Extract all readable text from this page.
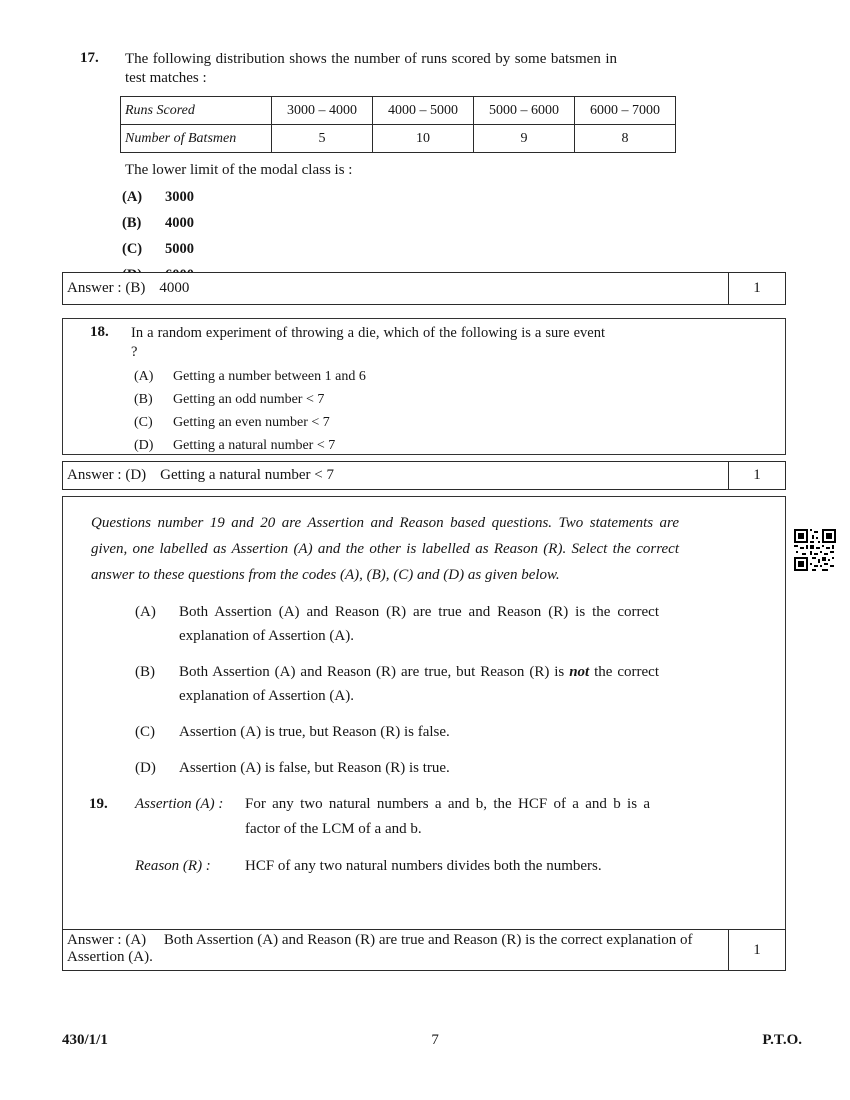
17.	The following distribution shows the number of runs scored by some batsmen in test matches :
Runs Scored	3000 – 4000	4000 – 5000	5000 – 6000	6000 – 7000
Number of Batsmen	5	10	9	8
The lower limit of the modal class is :
(A)	3000
(B)	4000
(C)	5000
Answer : (B) 4000	1
18.	In a random experiment of throwing a die, which of the following is a sure event ?
(A)	Getting a number between 1 and 6
(B)	Getting an odd number < 7
(C)	Getting an even number < 7
(D)	Getting a natural number < 7
Answer : (D) Getting a natural number < 7	1
Questions number 19 and 20 are Assertion and Reason based questions. Two statements are given, one labelled as Assertion (A) and the other is labelled as Reason (R). Select the correct answer to these questions from the codes (A), (B), (C) and (D) as given below.
(A)	Both Assertion (A) and Reason (R) are true and Reason (R) is the correct explanation of Assertion (A).
(B)	Both Assertion (A) and Reason (R) are true, but Reason (R) is not the correct explanation of Assertion (A).
(C)	Assertion (A) is true, but Reason (R) is false.
(D)	Assertion (A) is false, but Reason (R) is true.
19.	Assertion (A) :	For any two natural numbers a and b, the HCF of a and b is a factor of the LCM of a and b.
Reason (R) :	HCF of any two natural numbers divides both the numbers.
Answer : (A) Both Assertion (A) and Reason (R) are true and Reason (R) is the correct explanation of Assertion (A).	1
430/1/1	7	P.T.O.
